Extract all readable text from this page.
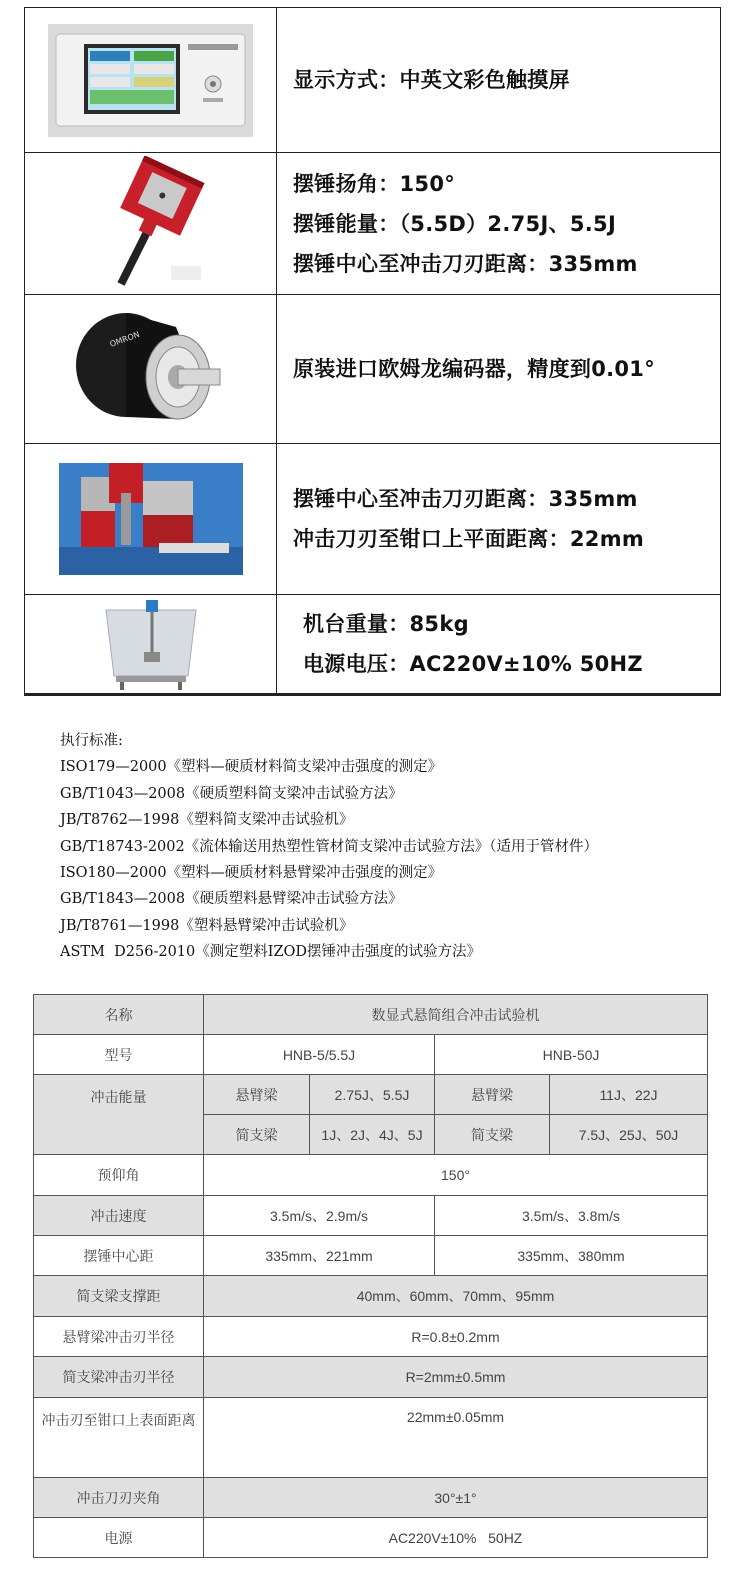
显示方式：中英文彩色触摸屏
摆锤扬角：150°
摆锤能量：（5.5D）2.75J、5.5J
摆锤中心至冲击刀刃距离：335mm
OMRON
原装进口欧姆龙编码器，精度到0.01°
摆锤中心至冲击刀刃距离：335mm
冲击刀刃至钳口上平面距离：22mm
机台重量：85kg
电源电压：AC220V±10% 50HZ
执行标准:
ISO179—2000《塑料—硬质材料简支梁冲击强度的测定》
GB/T1043—2008《硬质塑料简支梁冲击试验方法》
JB/T8762—1998《塑料简支梁冲击试验机》
GB/T18743-2002《流体输送用热塑性管材简支梁冲击试验方法》（适用于管材件）
ISO180—2000《塑料—硬质材料悬臂梁冲击强度的测定》
GB/T1843—2008《硬质塑料悬臂梁冲击试验方法》
JB/T8761—1998《塑料悬臂梁冲击试验机》
ASTM  D256-2010《测定塑料IZOD摆锤冲击强度的试验方法》
名称	数显式悬简组合冲击试验机			
型号	HNB-5/5.5J		HNB-50J	
冲击能量	悬臂梁	2.75J、5.5J	悬臂梁	11J、22J
	简支梁	1J、2J、4J、5J	简支梁	7.5J、25J、50J
预仰角	150°			
冲击速度	3.5m/s、2.9m/s		3.5m/s、3.8m/s	
摆锤中心距	335mm、221mm		335mm、380mm	
简支梁支撑距	40mm、60mm、70mm、95mm			
悬臂梁冲击刃半径	R=0.8±0.2mm			
简支梁冲击刃半径	R=2mm±0.5mm			
冲击刃至钳口上表面距离	22mm±0.05mm			
冲击刀刃夹角	30°±1°			
电源	AC220V±10%   50HZ			
